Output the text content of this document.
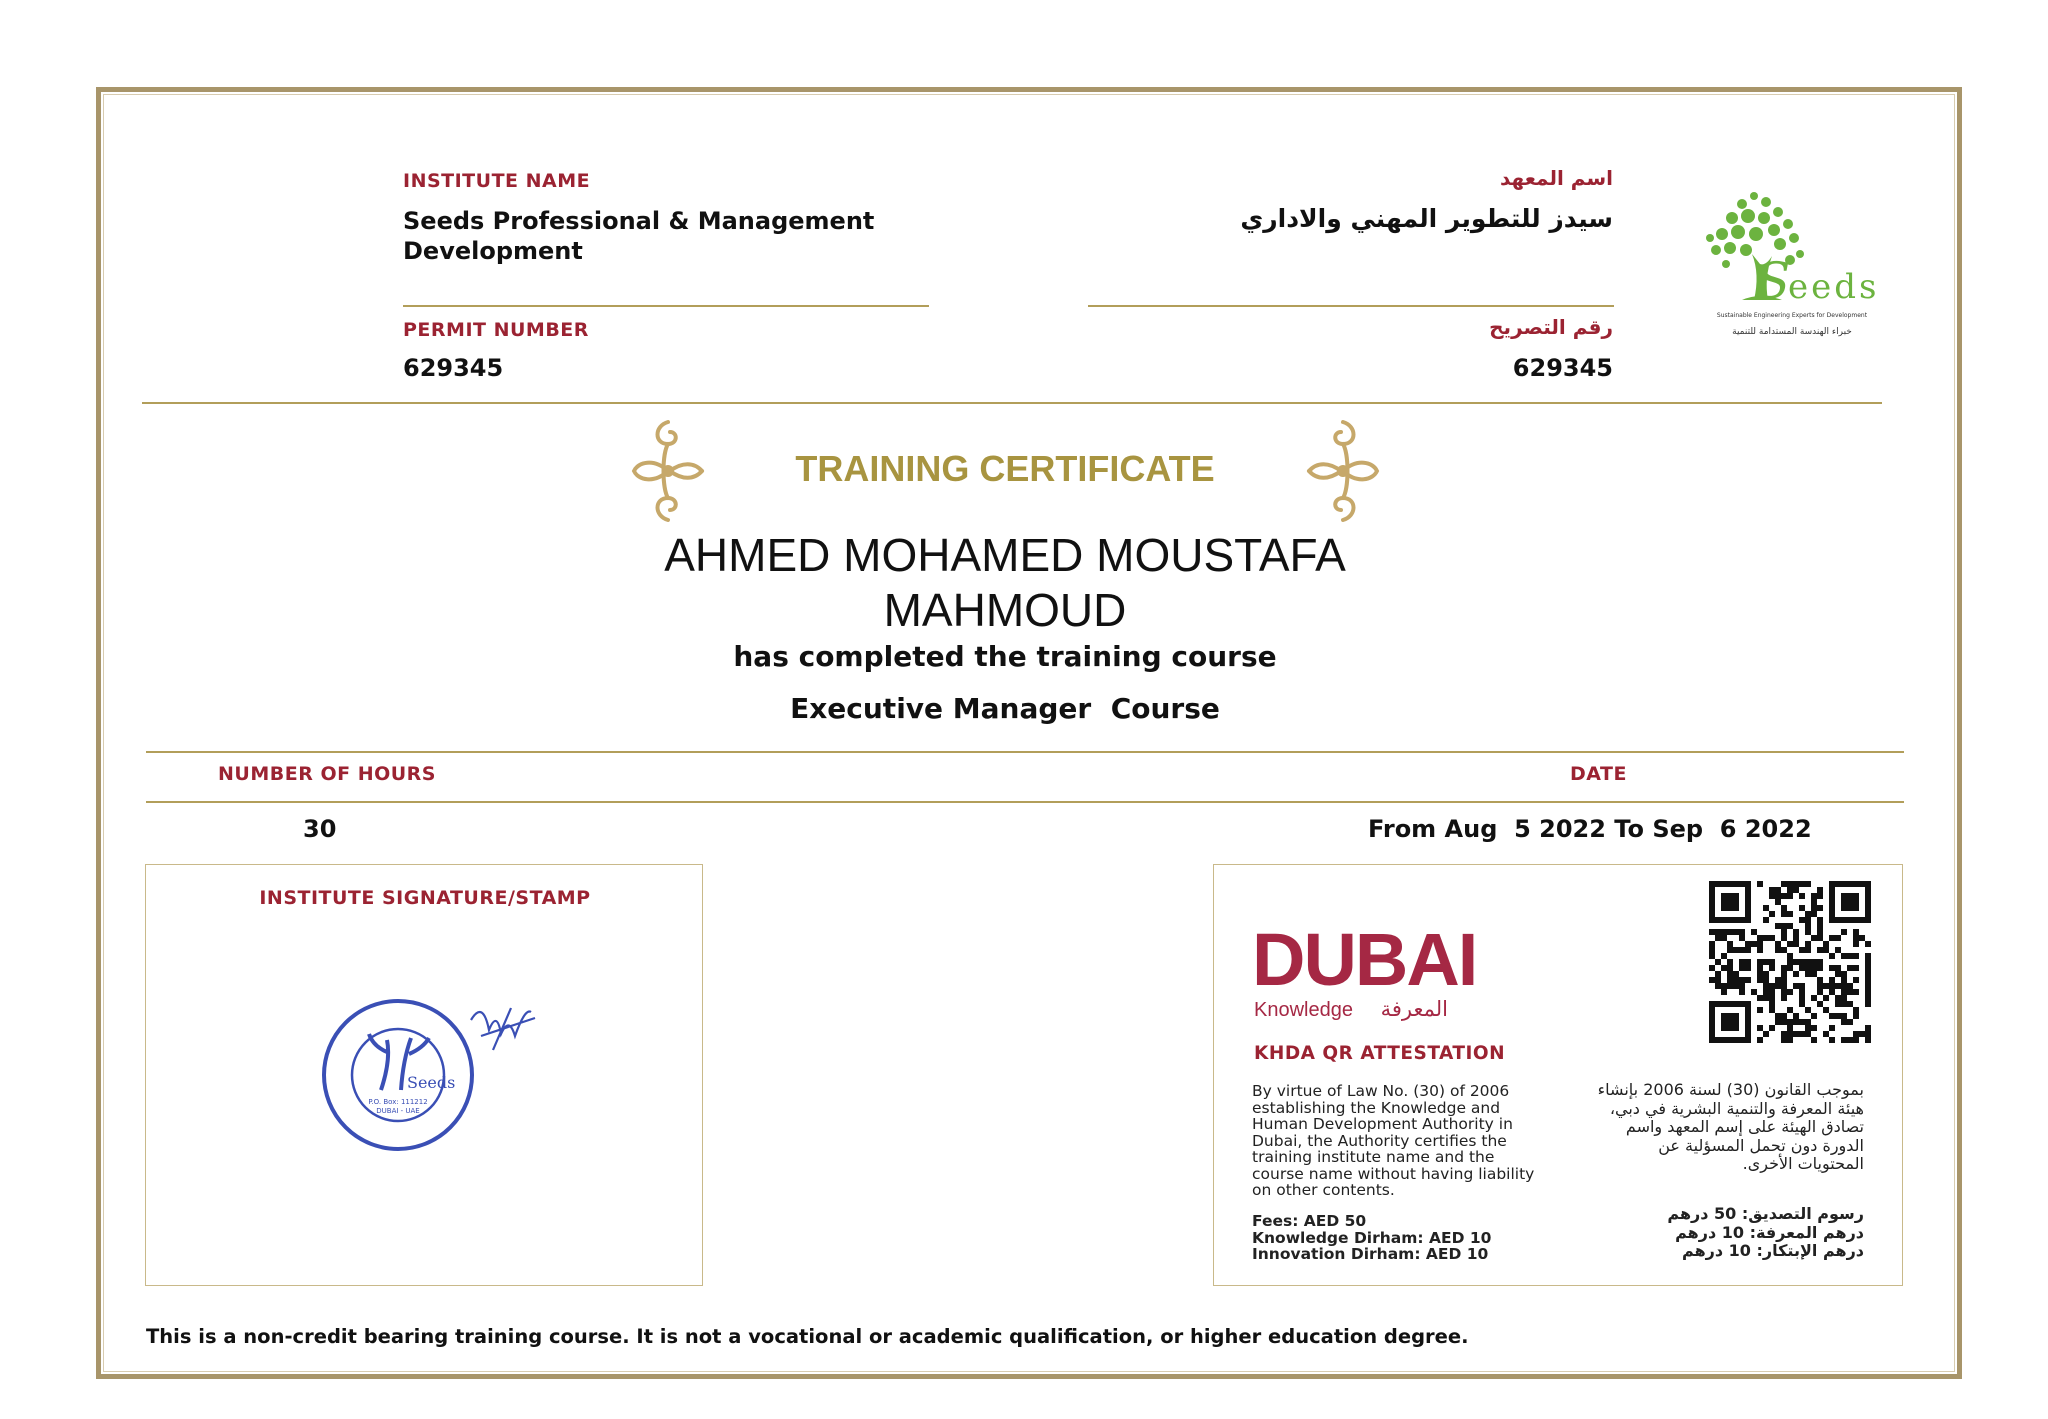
INSTITUTE NAME
Seeds Professional & Management Development
اسم المعهد
سيدز للتطوير المهني والاداري
PERMIT NUMBER
629345
رقم التصريح
629345
S
eeds
Sustainable Engineering Experts for Development
خبراء الهندسة المستدامة للتنمية
TRAINING CERTIFICATE
AHMED MOHAMED MOUSTAFA
MAHMOUD
has completed the training course
Executive Manager  Course
NUMBER OF HOURS	DATE
30	From Aug  5 2022 To Sep  6 2022
INSTITUTE SIGNATURE/STAMP
Seeds
P.O. Box: 111212
DUBAI - UAE
DUBAI
Knowledge	المعرفة
KHDA QR ATTESTATION
By virtue of Law No. (30) of 2006 establishing the Knowledge and Human Development Authority in Dubai, the Authority certifies the training institute name and the course name without having liability on other contents.
بموجب القانون (30) لسنة 2006 بإنشاء هيئة المعرفة والتنمية البشرية في دبي، تصادق الهيئة على إسم المعهد واسم الدورة دون تحمل المسؤلية عن المحتويات الأخرى.
Fees: AED 50
Knowledge Dirham: AED 10
Innovation Dirham: AED 10
رسوم التصديق: 50 درهم
درهم المعرفة: 10 درهم
درهم الإبتكار: 10 درهم
This is a non-credit bearing training course. It is not a vocational or academic qualification, or higher education degree.
